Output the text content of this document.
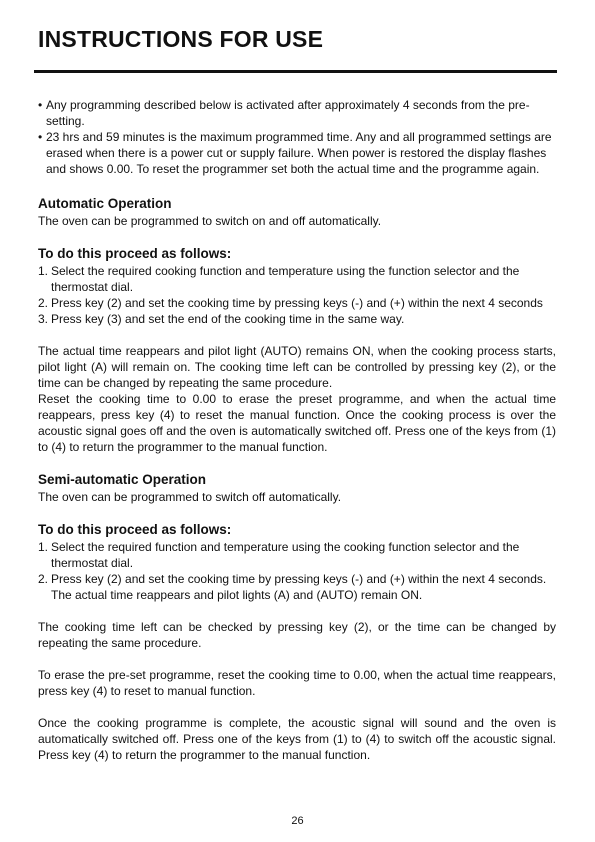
INSTRUCTIONS FOR USE
• Any programming described below is activated after approximately 4 seconds from the pre-setting.
• 23 hrs and 59 minutes is the maximum programmed time. Any and all programmed settings are erased when there is a power cut or supply failure. When power is restored the display flashes and shows 0.00. To reset the programmer set both the actual time and the programme again.

Automatic Operation

The oven can be programmed to switch on and off automatically.

To do this proceed as follows:

1. Select the required cooking function and temperature using the function selector and the thermostat dial.
2. Press key (2) and set the cooking time by pressing keys (-) and (+) within the next 4 seconds
3. Press key (3) and set the end of the cooking time in the same way.

The actual time reappears and pilot light (AUTO) remains ON, when the cooking process starts, pilot light (A) will remain on. The cooking time left can be controlled by pressing key (2), or the time can be changed by repeating the same procedure.

Reset the cooking time to 0.00 to erase the preset programme, and when the actual time reappears, press key (4) to reset the manual function. Once the cooking process is over the acoustic signal goes off and the oven is automatically switched off. Press one of the keys from (1) to (4) to return the programmer to the manual function.

Semi-automatic Operation

The oven can be programmed to switch off automatically.

To do this proceed as follows:

1. Select the required function and temperature using the cooking function selector and the thermostat dial.
2. Press key (2) and set the cooking time by pressing keys (-) and (+) within the next 4 seconds. The actual time reappears and pilot lights (A) and (AUTO) remain ON.

The cooking time left can be checked by pressing key (2), or the time can be changed by repeating the same procedure.

To erase the pre-set programme, reset the cooking time to 0.00, when the actual time reappears, press key (4) to reset to manual function.

Once the cooking programme is complete, the acoustic signal will sound and the oven is automatically switched off. Press one of the keys from (1) to (4) to switch off the acoustic signal. Press key (4) to return the programmer to the manual function.

26
